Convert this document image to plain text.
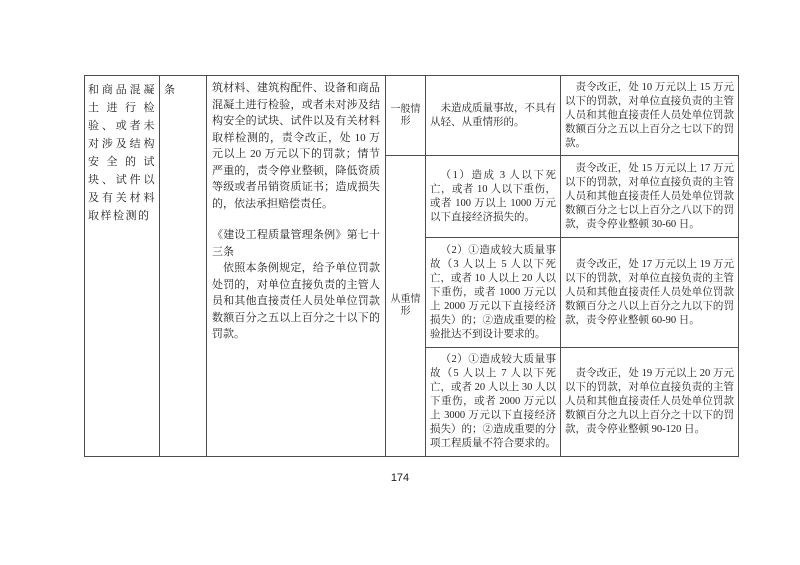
和商品混凝土进行检验、或者未对涉及结构安全的试块、试件以及有关材料取样检测的
条	筑材料、建筑构配件、设备和商品混凝土进行检验，或者未对涉及结构安全的试块、试件以及有关材料取样检测的，责令改正，处 10 万元以上 20 万元以下的罚款；情节严重的，责令停业整顿，降低资质等级或者吊销资质证书；造成损失的，依法承担赔偿责任。
《建设工程质量管理条例》第七十三条
依照本条例规定，给予单位罚款处罚的，对单位直接负责的主管人员和其他直接责任人员处单位罚款数额百分之五以上百分之十以下的罚款。
一般情形
从重情形
未造成质量事故，不具有从轻、从重情形的。
责令改正，处 10 万元以上 15 万元以下的罚款，对单位直接负责的主管人员和其他直接责任人员处单位罚款数额百分之五以上百分之七以下的罚款。
（1）造成 3 人以下死亡，或者 10 人以下重伤，或者 100 万以上 1000 万元以下直接经济损失的。
责令改正，处 15 万元以上 17 万元以下的罚款，对单位直接负责的主管人员和其他直接责任人员处单位罚款数额百分之七以上百分之八以下的罚款，责令停业整顿 30-60 日。
（2）①造成较大质量事故（3 人以上 5 人以下死亡，或者 10 人以上 20 人以下重伤，或者 1000 万元以上 2000 万元以下直接经济损失）的；②造成重要的检验批达不到设计要求的。
责令改正，处 17 万元以上 19 万元以下的罚款，对单位直接负责的主管人员和其他直接责任人员处单位罚款数额百分之八以上百分之九以下的罚款，责令停业整顿 60-90 日。
（2）①造成较大质量事故（5 人以上 7 人以下死亡，或者 20 人以上 30 人以下重伤，或者 2000 万元以上 3000 万元以下直接经济损失）的；②造成重要的分项工程质量不符合要求的。
责令改正，处 19 万元以上 20 万元以下的罚款，对单位直接负责的主管人员和其他直接责任人员处单位罚款数额百分之九以上百分之十以下的罚款，责令停业整顿 90-120 日。
174
